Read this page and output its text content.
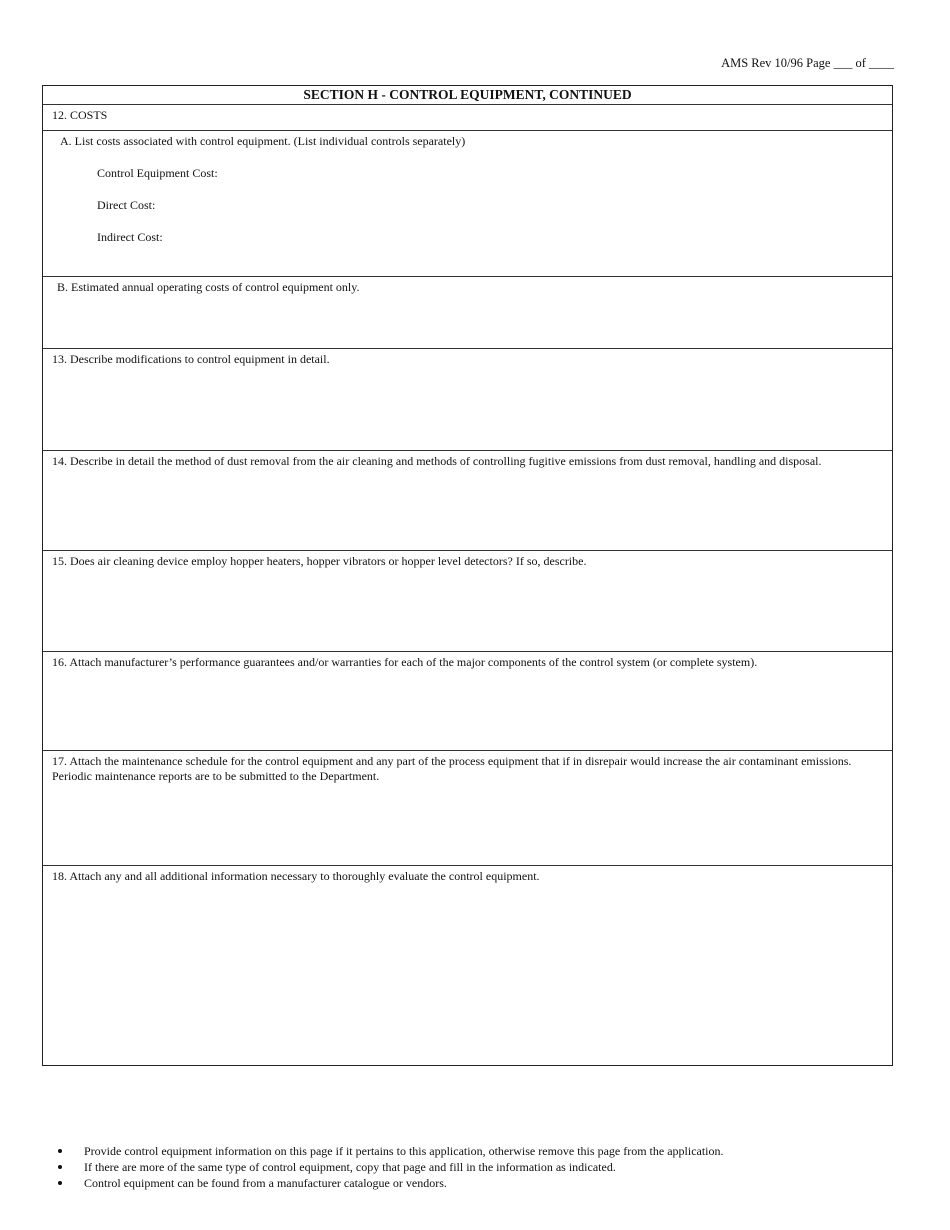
AMS Rev 10/96 Page ___ of ____
SECTION H - CONTROL EQUIPMENT, CONTINUED
12. COSTS
A. List costs associated with control equipment. (List individual controls separately)
Control Equipment Cost:
Direct Cost:
Indirect Cost:
B. Estimated annual operating costs of control equipment only.
13. Describe modifications to control equipment in detail.
14. Describe in detail the method of dust removal from the air cleaning and methods of controlling fugitive emissions from dust removal, handling and disposal.
15. Does air cleaning device employ hopper heaters, hopper vibrators or hopper level detectors? If so, describe.
16. Attach manufacturer’s performance guarantees and/or warranties for each of the major components of the control system (or complete system).
17. Attach the maintenance schedule for the control equipment and any part of the process equipment that if in disrepair would increase the air contaminant emissions.
Periodic maintenance reports are to be submitted to the Department.
18. Attach any and all additional information necessary to thoroughly evaluate the control equipment.
Provide control equipment information on this page if it pertains to this application, otherwise remove this page from the application.
If there are more of the same type of control equipment, copy that page and fill in the information as indicated.
Control equipment can be found from a manufacturer catalogue or vendors.
